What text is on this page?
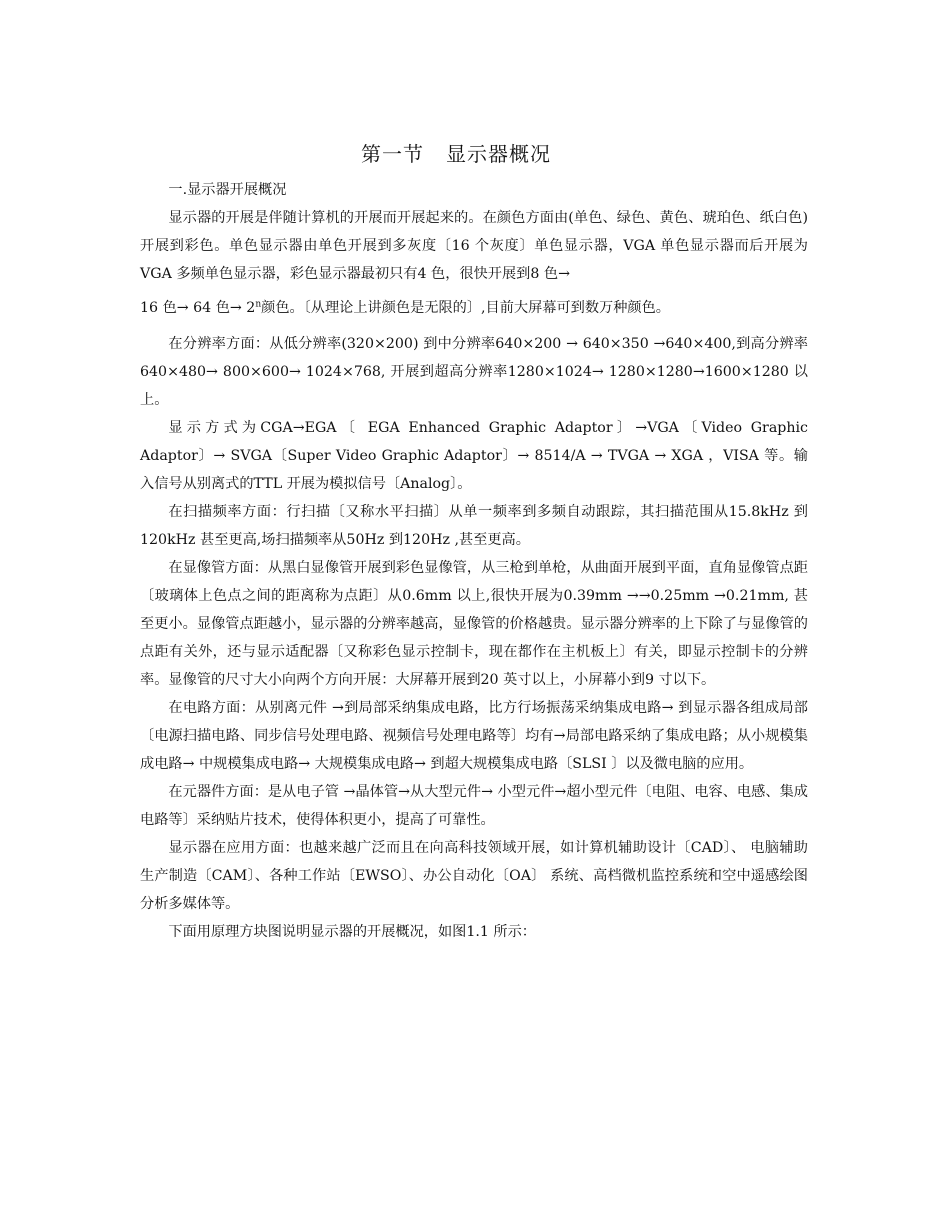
第一节   显示器概况

一.显示器开展概况

显示器的开展是伴随计算机的开展而开展起来的。在颜色方面由(单色、绿色、黄色、琥珀色、纸白色)开展到彩色。单色显示器由单色开展到多灰度〔16 个灰度〕单色显示器，VGA 单色显示器而后开展为VGA 多频单色显示器，彩色显示器最初只有4 色，很快开展到8 色→

16 色→ 64 色→ $2^n$颜色。〔从理论上讲颜色是无限的〕,目前大屏幕可到数万种颜色。

在分辨率方面：从低分辨率(320×200) 到中分辨率640×200 → 640×350 →640×400,到高分辨率640×480→ 800×600→ 1024×768, 开展到超高分辨率1280×1024→ 1280×1280→1600×1280 以上。

显示方式为CGA→EGA〔 EGA Enhanced Graphic Adaptor〕→VGA〔Video Graphic Adaptor〕→ SVGA〔Super Video Graphic Adaptor〕→ 8514/A → TVGA → XGA ，VISA 等。输入信号从别离式的TTL 开展为模拟信号〔Analog〕。

在扫描频率方面：行扫描〔又称水平扫描〕从单一频率到多频自动跟踪，其扫描范围从15.8kHz 到120kHz 甚至更高,场扫描频率从50Hz 到120Hz ,甚至更高。

在显像管方面：从黑白显像管开展到彩色显像管，从三枪到单枪，从曲面开展到平面，直角显像管点距〔玻璃体上色点之间的距离称为点距〕从0.6mm 以上,很快开展为0.39mm →→0.25mm →0.21mm, 甚至更小。显像管点距越小，显示器的分辨率越高，显像管的价格越贵。显示器分辨率的上下除了与显像管的点距有关外，还与显示适配器〔又称彩色显示控制卡，现在都作在主机板上〕有关，即显示控制卡的分辨率。显像管的尺寸大小向两个方向开展：大屏幕开展到20 英寸以上，小屏幕小到9 寸以下。

在电路方面：从别离元件 →到局部采纳集成电路，比方行场振荡采纳集成电路→ 到显示器各组成局部〔电源扫描电路、同步信号处理电路、视频信号处理电路等〕均有→局部电路采纳了集成电路；从小规模集成电路→ 中规模集成电路→ 大规模集成电路→ 到超大规模集成电路〔SLSI 〕以及微电脑的应用。

在元器件方面：是从电子管 →晶体管→从大型元件→ 小型元件→超小型元件〔电阻、电容、电感、集成电路等〕采纳贴片技术，使得体积更小，提高了可靠性。

显示器在应用方面：也越来越广泛而且在向高科技领域开展，如计算机辅助设计〔CAD〕、 电脑辅助生产制造〔CAM〕、各种工作站〔EWSO〕、办公自动化〔OA〕 系统、高档微机监控系统和空中遥感绘图分析多媒体等。

下面用原理方块图说明显示器的开展概况，如图1.1 所示：
